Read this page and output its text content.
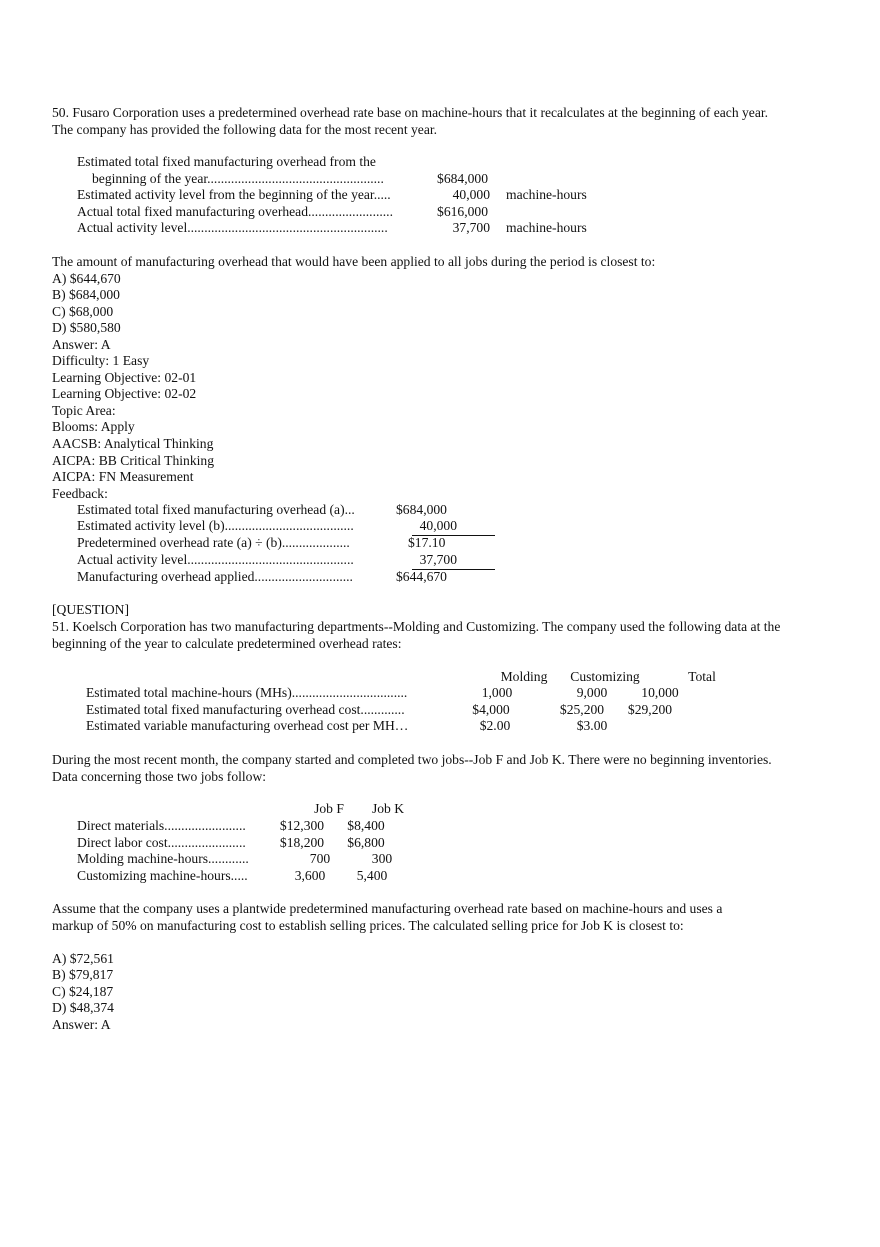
50. Fusaro Corporation uses a predetermined overhead rate base on machine-hours that it recalculates at the beginning of each year. The company has provided the following data for the most recent year.
Estimated total fixed manufacturing overhead from the
beginning of the year....................................................	$684,000
Estimated activity level from the beginning of the year.....	40,000 machine-hours
Actual total fixed manufacturing overhead.........................	$616,000
Actual activity level...........................................................	37,700 machine-hours
The amount of manufacturing overhead that would have been applied to all jobs during the period is closest to:
A) $644,670
B) $684,000
C) $68,000
D) $580,580
Answer: A
Difficulty: 1 Easy
Learning Objective: 02-01
Learning Objective: 02-02
Topic Area:
Blooms: Apply
AACSB: Analytical Thinking
AICPA: BB Critical Thinking
AICPA: FN Measurement
Feedback:
Estimated total fixed manufacturing overhead (a)...	$684,000
Estimated activity level (b)......................................	40,000
Predetermined overhead rate (a) ÷ (b)....................	$17.10
Actual activity level.................................................	37,700
Manufacturing overhead applied.............................	$644,670
[QUESTION]
51. Koelsch Corporation has two manufacturing departments--Molding and Customizing. The company used the following data at the beginning of the year to calculate predetermined overhead rates:
Molding	Customizing	Total
Estimated total machine-hours (MHs)..................................	1,000	9,000	10,000
Estimated total fixed manufacturing overhead cost.............	$4,000	$25,200	$29,200
Estimated variable manufacturing overhead cost per MH…	$2.00	$3.00
During the most recent month, the company started and completed two jobs--Job F and Job K. There were no beginning inventories. Data concerning those two jobs follow:
Job F	Job K
Direct materials........................	$12,300	$8,400
Direct labor cost.......................	$18,200	$6,800
Molding machine-hours............	700	300
Customizing machine-hours.....	3,600	5,400
Assume that the company uses a plantwide predetermined manufacturing overhead rate based on machine-hours and uses a markup of 50% on manufacturing cost to establish selling prices. The calculated selling price for Job K is closest to:
A) $72,561
B) $79,817
C) $24,187
D) $48,374
Answer: A
